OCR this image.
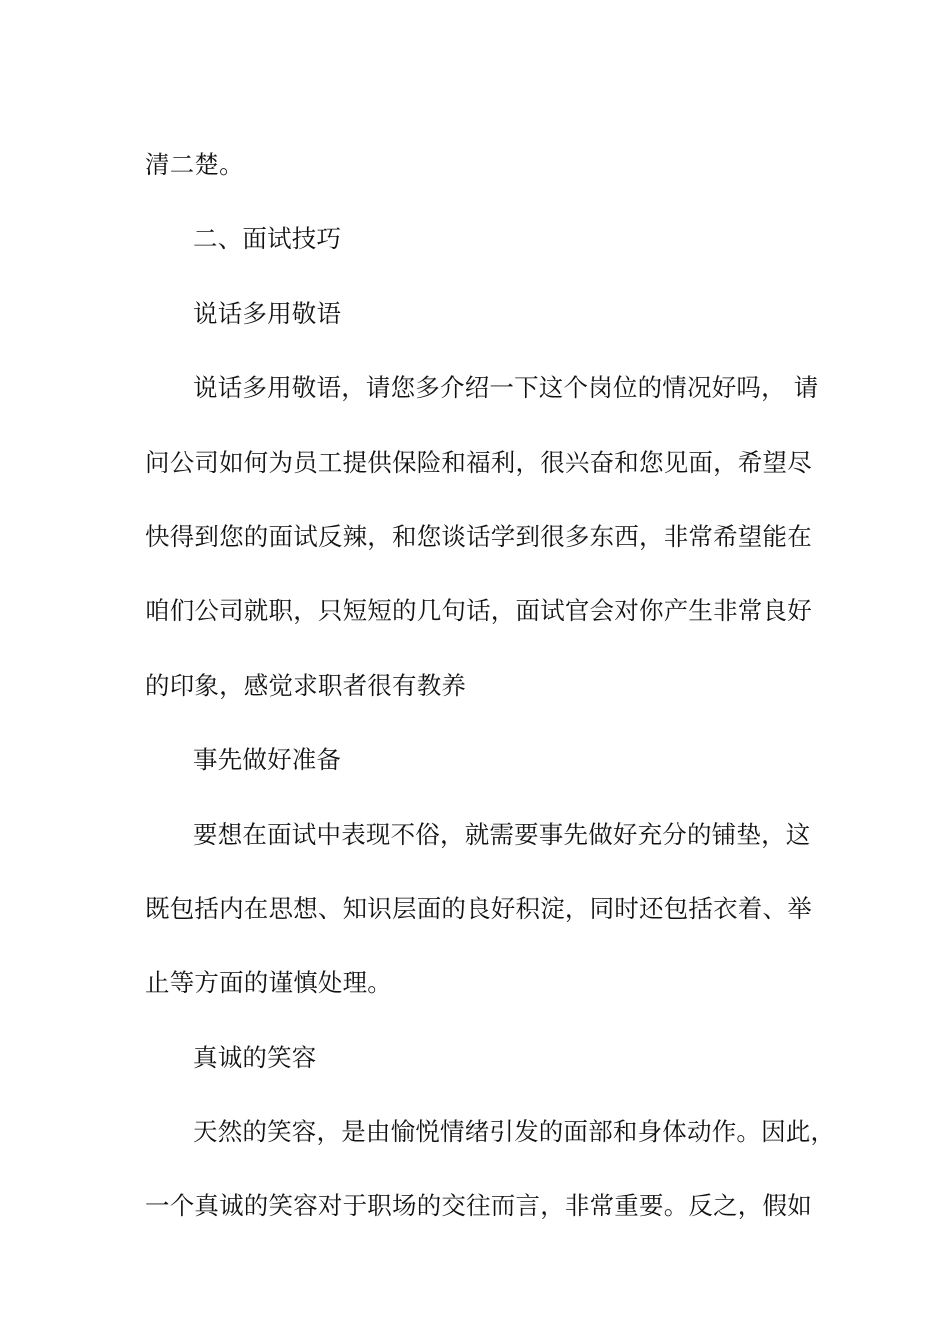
清二楚。
二、面试技巧
说话多用敬语
说话多用敬语，请您多介绍一下这个岗位的情况好吗， 请
问公司如何为员工提供保险和福利，很兴奋和您见面，希望尽
快得到您的面试反辣，和您谈话学到很多东西，非常希望能在
咱们公司就职，只短短的几句话，面试官会对你产生非常良好
的印象，感觉求职者很有教养
事先做好准备
要想在面试中表现不俗，就需要事先做好充分的铺垫，这
既包括内在思想、知识层面的良好积淀，同时还包括衣着、举
止等方面的谨慎处理。
真诚的笑容
天然的笑容，是由愉悦情绪引发的面部和身体动作。因此，
一个真诚的笑容对于职场的交往而言，非常重要。反之，假如
